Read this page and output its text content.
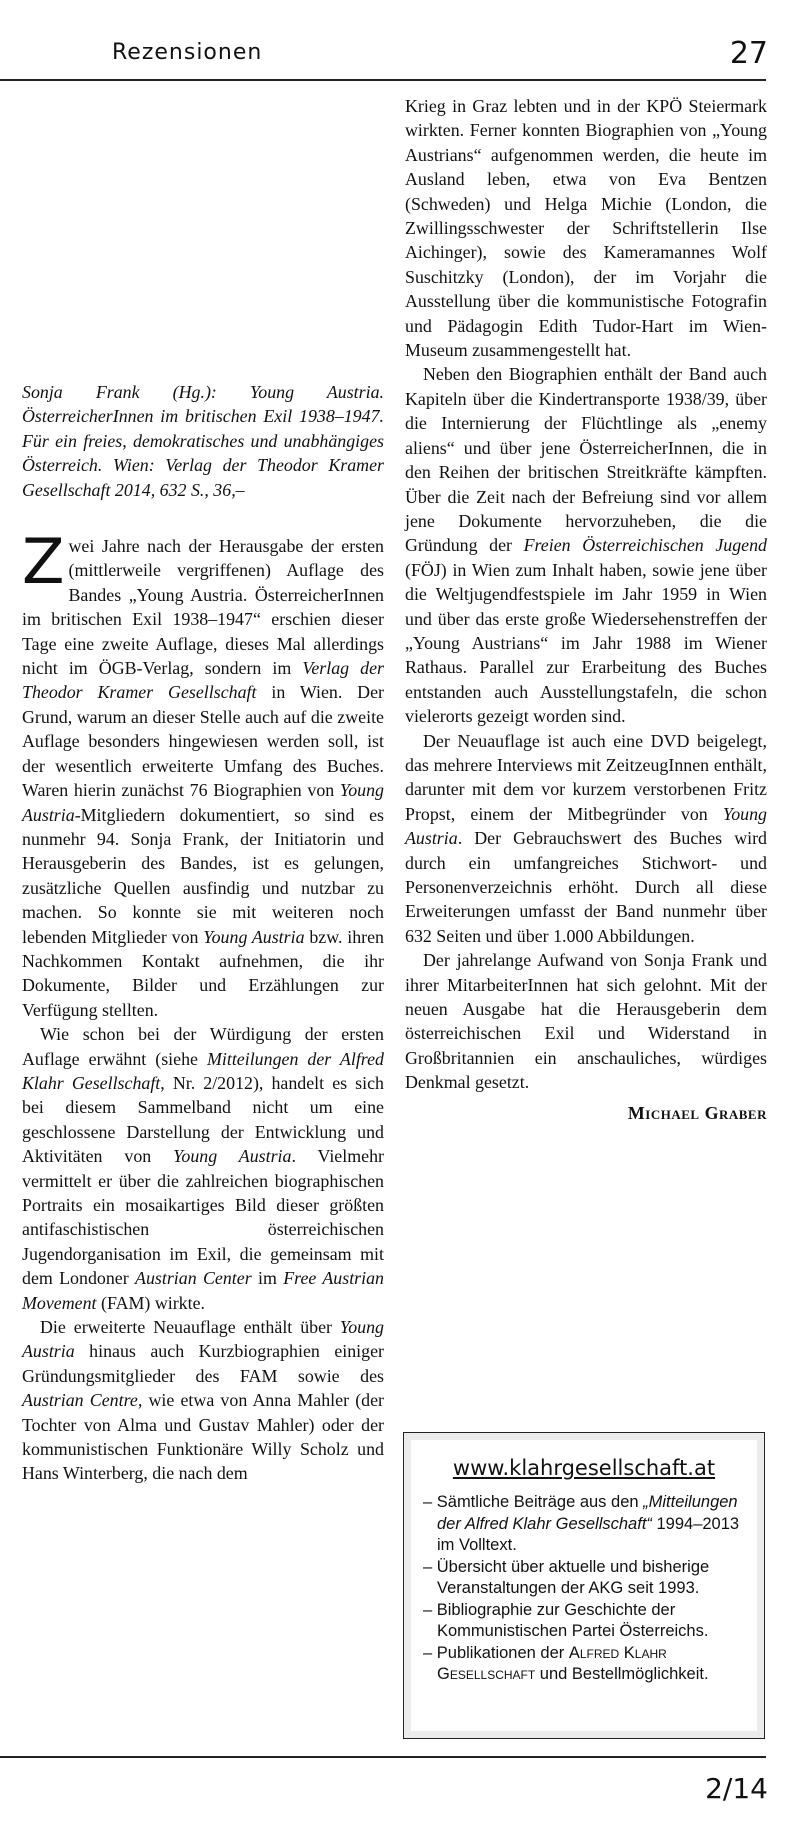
Rezensionen	27

Sonja Frank (Hg.): Young Austria. ÖsterreicherInnen im britischen Exil 1938–1947. Für ein freies, demokratisches und unabhängiges Österreich. Wien: Verlag der Theodor Kramer Gesellschaft 2014, 632 S., 36,–

Zwei Jahre nach der Herausgabe der ersten (mittlerweile vergriffenen) Auflage des Bandes „Young Austria. ÖsterreicherInnen im britischen Exil 1938–1947“ erschien dieser Tage eine zweite Auflage, dieses Mal allerdings nicht im ÖGB-Verlag, sondern im Verlag der Theodor Kramer Gesellschaft in Wien. Der Grund, warum an dieser Stelle auch auf die zweite Auflage besonders hingewiesen werden soll, ist der wesentlich erweiterte Umfang des Buches. Waren hierin zunächst 76 Biographien von Young Austria-Mitgliedern dokumentiert, so sind es nunmehr 94. Sonja Frank, der Initiatorin und Herausgeberin des Bandes, ist es gelungen, zusätzliche Quellen ausfindig und nutzbar zu machen. So konnte sie mit weiteren noch lebenden Mitglieder von Young Austria bzw. ihren Nachkommen Kontakt aufnehmen, die ihr Dokumente, Bilder und Erzählungen zur Verfügung stellten.

Wie schon bei der Würdigung der ersten Auflage erwähnt (siehe Mitteilungen der Alfred Klahr Gesellschaft, Nr. 2/2012), handelt es sich bei diesem Sammelband nicht um eine geschlossene Darstellung der Entwicklung und Aktivitäten von Young Austria. Vielmehr vermittelt er über die zahlreichen biographischen Portraits ein mosaikartiges Bild dieser größten antifaschistischen österreichischen Jugendorganisation im Exil, die gemeinsam mit dem Londoner Austrian Center im Free Austrian Movement (FAM) wirkte.

Die erweiterte Neuauflage enthält über Young Austria hinaus auch Kurzbiographien einiger Gründungsmitglieder des FAM sowie des Austrian Centre, wie etwa von Anna Mahler (der Tochter von Alma und Gustav Mahler) oder der kommunistischen Funktionäre Willy Scholz und Hans Winterberg, die nach dem

Krieg in Graz lebten und in der KPÖ Steiermark wirkten. Ferner konnten Biographien von „Young Austrians“ aufgenommen werden, die heute im Ausland leben, etwa von Eva Bentzen (Schweden) und Helga Michie (London, die Zwillingsschwester der Schriftstellerin Ilse Aichinger), sowie des Kameramannes Wolf Suschitzky (London), der im Vorjahr die Ausstellung über die kommunistische Fotografin und Pädagogin Edith Tudor-Hart im Wien-Museum zusammengestellt hat.

Neben den Biographien enthält der Band auch Kapiteln über die Kindertransporte 1938/39, über die Internierung der Flüchtlinge als „enemy aliens“ und über jene ÖsterreicherInnen, die in den Reihen der britischen Streitkräfte kämpften. Über die Zeit nach der Befreiung sind vor allem jene Dokumente hervorzuheben, die die Gründung der Freien Österreichischen Jugend (FÖJ) in Wien zum Inhalt haben, sowie jene über die Weltjugendfestspiele im Jahr 1959 in Wien und über das erste große Wiedersehenstreffen der „Young Austrians“ im Jahr 1988 im Wiener Rathaus. Parallel zur Erarbeitung des Buches entstanden auch Ausstellungstafeln, die schon vielerorts gezeigt worden sind.

Der Neuauflage ist auch eine DVD beigelegt, das mehrere Interviews mit ZeitzeugInnen enthält, darunter mit dem vor kurzem verstorbenen Fritz Propst, einem der Mitbegründer von Young Austria. Der Gebrauchswert des Buches wird durch ein umfangreiches Stichwort- und Personenverzeichnis erhöht. Durch all diese Erweiterungen umfasst der Band nunmehr über 632 Seiten und über 1.000 Abbildungen.

Der jahrelange Aufwand von Sonja Frank und ihrer MitarbeiterInnen hat sich gelohnt. Mit der neuen Ausgabe hat die Herausgeberin dem österreichischen Exil und Widerstand in Großbritannien ein anschauliches, würdiges Denkmal gesetzt.

Michael Graber

www.klahrgesellschaft.at
– Sämtliche Beiträge aus den „Mitteilungen der Alfred Klahr Gesellschaft“ 1994–2013 im Volltext.
– Übersicht über aktuelle und bisherige Veranstaltungen der AKG seit 1993.
– Bibliographie zur Geschichte der Kommunistischen Partei Österreichs.
– Publikationen der Alfred Klahr Gesellschaft und Bestellmöglichkeit.
2/14
